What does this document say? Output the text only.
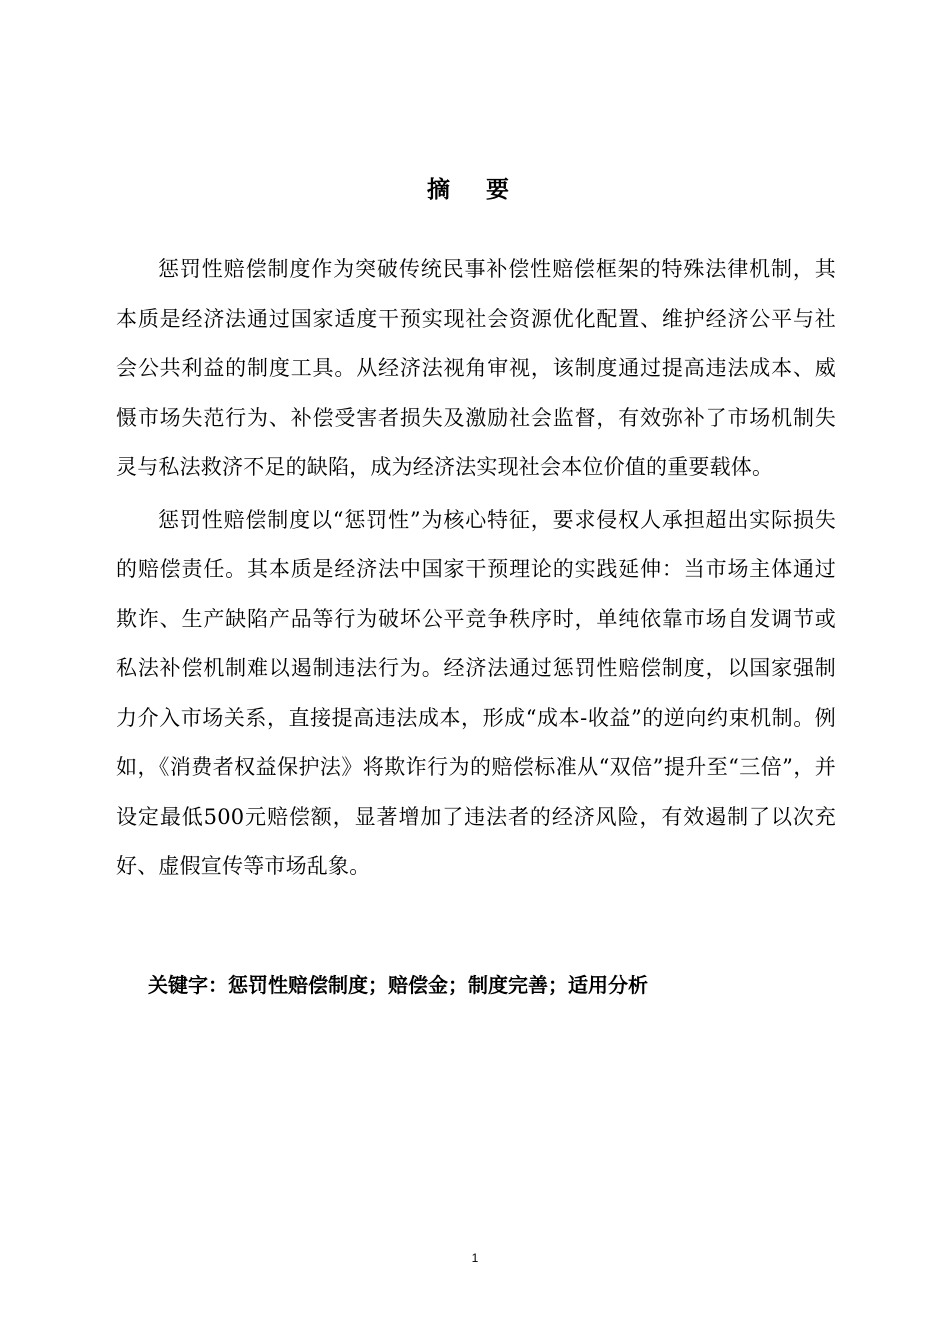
摘 要

惩罚性赔偿制度作为突破传统民事补偿性赔偿框架的特殊法律机制，其本质是经济法通过国家适度干预实现社会资源优化配置、维护经济公平与社会公共利益的制度工具。从经济法视角审视，该制度通过提高违法成本、威慑市场失范行为、补偿受害者损失及激励社会监督，有效弥补了市场机制失灵与私法救济不足的缺陷，成为经济法实现社会本位价值的重要载体。

惩罚性赔偿制度以“惩罚性”为核心特征，要求侵权人承担超出实际损失的赔偿责任。其本质是经济法中国家干预理论的实践延伸：当市场主体通过欺诈、生产缺陷产品等行为破坏公平竞争秩序时，单纯依靠市场自发调节或私法补偿机制难以遏制违法行为。经济法通过惩罚性赔偿制度，以国家强制力介入市场关系，直接提高违法成本，形成“成本-收益”的逆向约束机制。例如，《消费者权益保护法》将欺诈行为的赔偿标准从“双倍”提升至“三倍”，并设定最低500元赔偿额，显著增加了违法者的经济风险，有效遏制了以次充好、虚假宣传等市场乱象。

关键字：惩罚性赔偿制度；赔偿金；制度完善；适用分析

1
